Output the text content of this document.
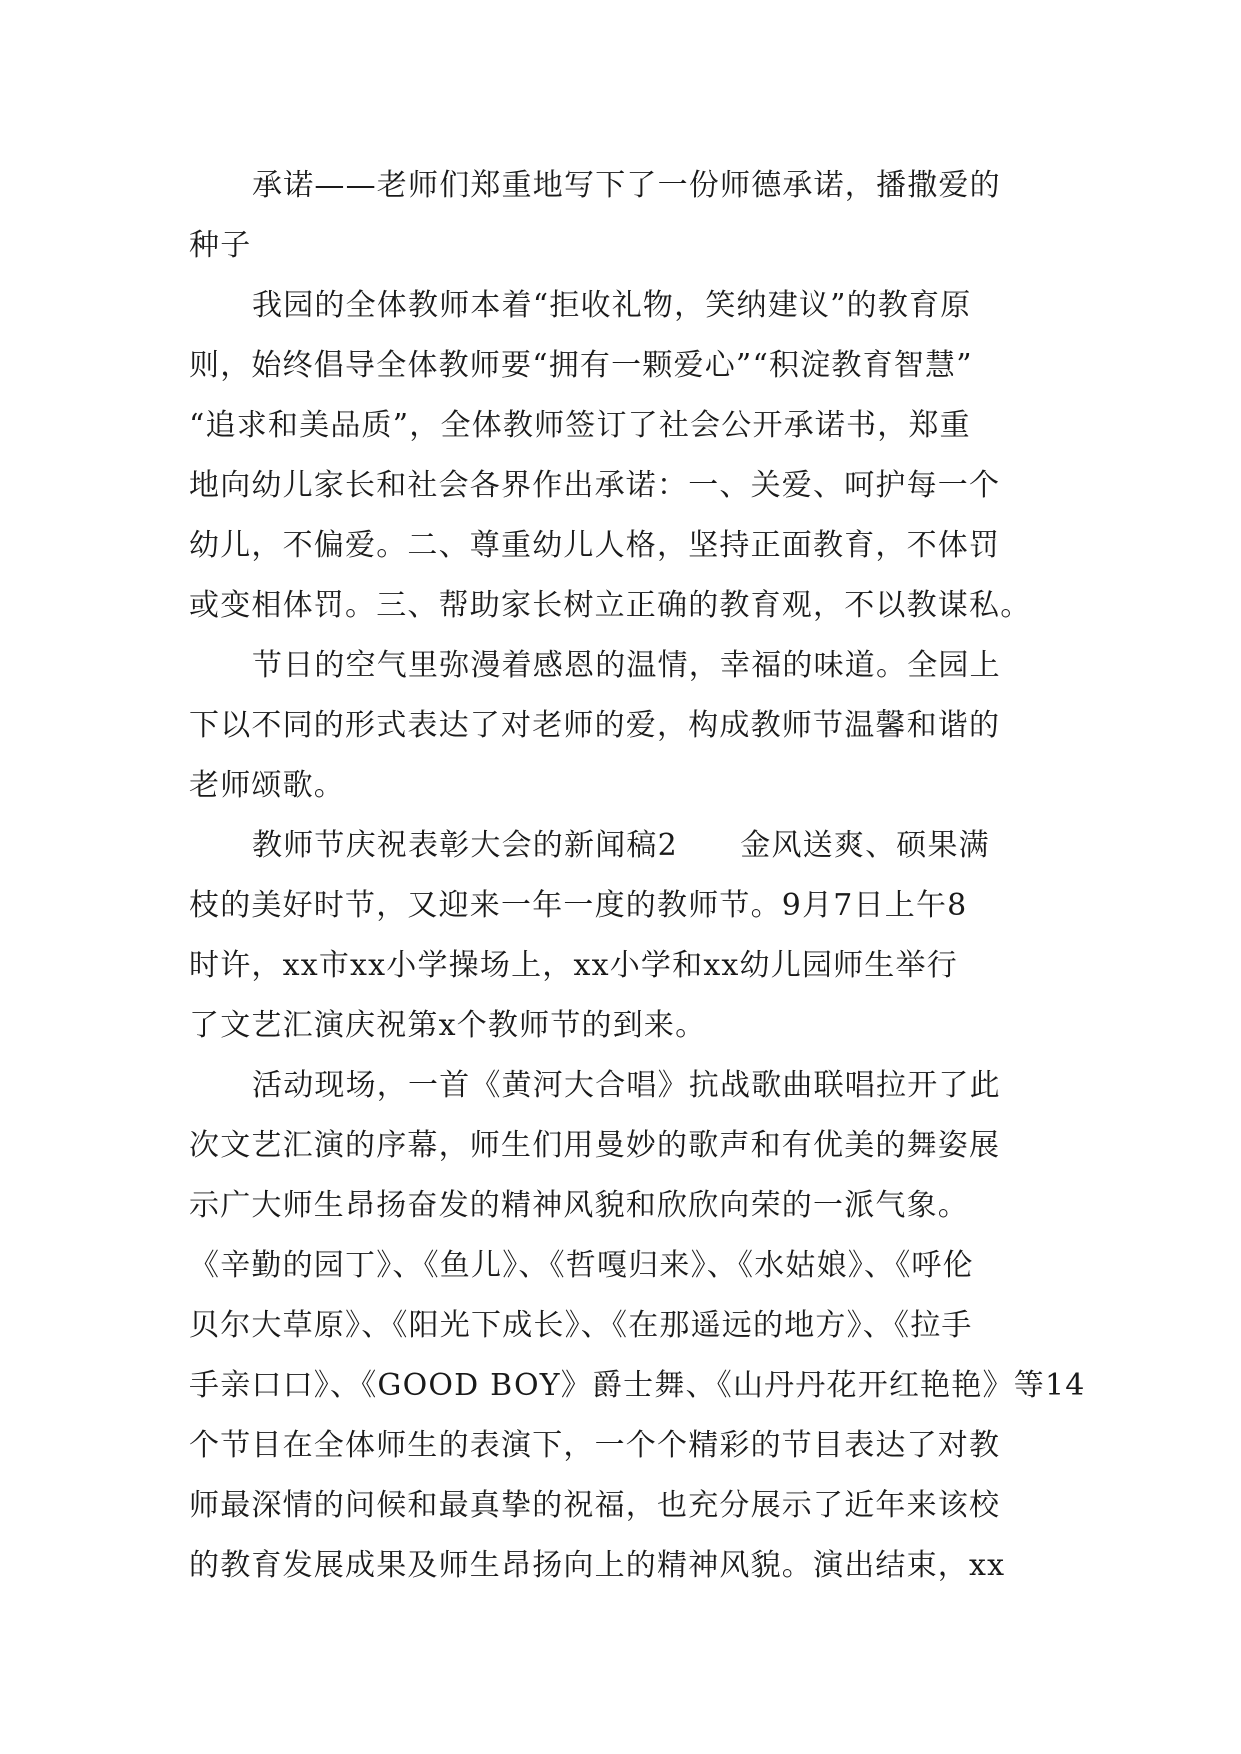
承诺——老师们郑重地写下了一份师德承诺，播撒爱的
种子
我园的全体教师本着“拒收礼物，笑纳建议”的教育原
则，始终倡导全体教师要“拥有一颗爱心”“积淀教育智慧”
“追求和美品质”，全体教师签订了社会公开承诺书，郑重
地向幼儿家长和社会各界作出承诺：一、关爱、呵护每一个
幼儿，不偏爱。二、尊重幼儿人格，坚持正面教育，不体罚
或变相体罚。三、帮助家长树立正确的教育观，不以教谋私。
节日的空气里弥漫着感恩的温情，幸福的味道。全园上
下以不同的形式表达了对老师的爱，构成教师节温馨和谐的
老师颂歌。
教师节庆祝表彰大会的新闻稿2　　金风送爽、硕果满
枝的美好时节，又迎来一年一度的教师节。9月7日上午8
时许，xx市xx小学操场上，xx小学和xx幼儿园师生举行
了文艺汇演庆祝第x个教师节的到来。
活动现场，一首《黄河大合唱》抗战歌曲联唱拉开了此
次文艺汇演的序幕，师生们用曼妙的歌声和有优美的舞姿展
示广大师生昂扬奋发的精神风貌和欣欣向荣的一派气象。
《辛勤的园丁》、《鱼儿》、《哲嘎归来》、《水姑娘》、《呼伦
贝尔大草原》、《阳光下成长》、《在那遥远的地方》、《拉手
手亲口口》、《GOOD BOY》爵士舞、《山丹丹花开红艳艳》等14
个节目在全体师生的表演下，一个个精彩的节目表达了对教
师最深情的问候和最真挚的祝福，也充分展示了近年来该校
的教育发展成果及师生昂扬向上的精神风貌。演出结束，xx
